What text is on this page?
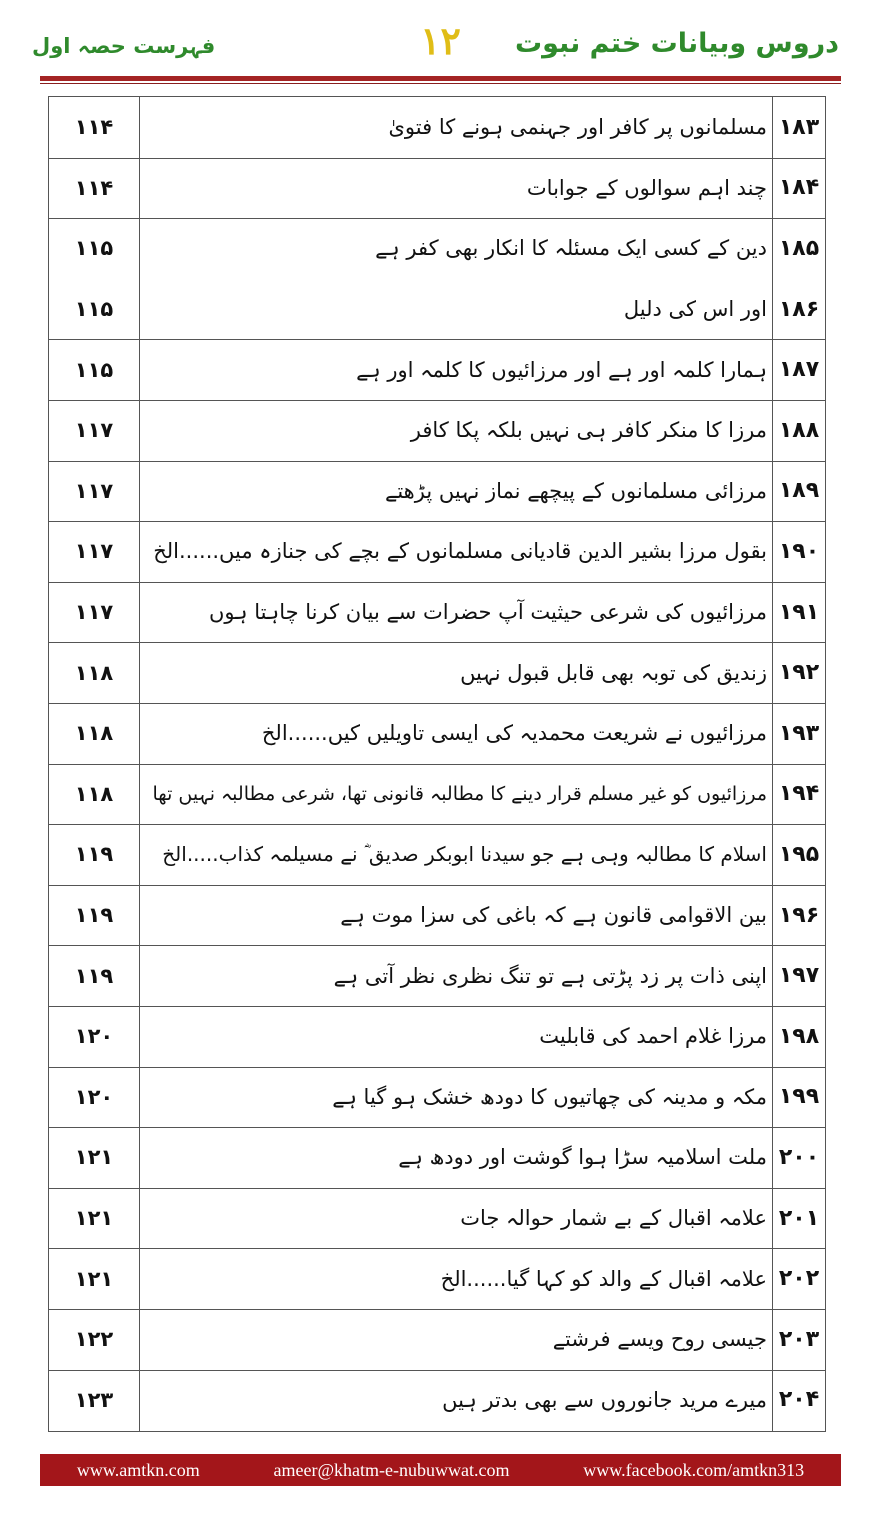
دروس وبیانات ختم نبوت
۱۲
فہرست حصہ اول
۱۸۳
مسلمانوں پر کافر اور جہنمی ہونے کا فتویٰ
۱۱۴
۱۸۴
چند اہم سوالوں کے جوابات
۱۱۴
۱۸۵
دین کے کسی ایک مسئلہ کا انکار بھی کفر ہے
۱۱۵
۱۸۶
اور اس کی دلیل
۱۱۵
۱۸۷
ہمارا کلمہ اور ہے اور مرزائیوں کا کلمہ اور ہے
۱۱۵
۱۸۸
مرزا کا منکر کافر ہی نہیں بلکہ پکا کافر
۱۱۷
۱۸۹
مرزائی مسلمانوں کے پیچھے نماز نہیں پڑھتے
۱۱۷
۱۹۰
بقول مرزا بشیر الدین قادیانی مسلمانوں کے بچے کی جنازہ میں......الخ
۱۱۷
۱۹۱
مرزائیوں کی شرعی حیثیت آپ حضرات سے بیان کرنا چاہتا ہوں
۱۱۷
۱۹۲
زندیق کی توبہ بھی قابل قبول نہیں
۱۱۸
۱۹۳
مرزائیوں نے شریعت محمدیہ کی ایسی تاویلیں کیں......الخ
۱۱۸
۱۹۴
مرزائیوں کو غیر مسلم قرار دینے کا مطالبہ قانونی تھا، شرعی مطالبہ نہیں تھا
۱۱۸
۱۹۵
اسلام کا مطالبہ وہی ہے جو سیدنا ابوبکر صدیق ؓ نے مسیلمہ کذاب.....الخ
۱۱۹
۱۹۶
بین الاقوامی قانون ہے کہ باغی کی سزا موت ہے
۱۱۹
۱۹۷
اپنی ذات پر زد پڑتی ہے تو تنگ نظری نظر آتی ہے
۱۱۹
۱۹۸
مرزا غلام احمد کی قابلیت
۱۲۰
۱۹۹
مکہ و مدینہ کی چھاتیوں کا دودھ خشک ہو گیا ہے
۱۲۰
۲۰۰
ملت اسلامیہ سڑا ہوا گوشت اور دودھ ہے
۱۲۱
۲۰۱
علامہ اقبال کے بے شمار حوالہ جات
۱۲۱
۲۰۲
علامہ اقبال کے والد کو کہا گیا......الخ
۱۲۱
۲۰۳
جیسی روح ویسے فرشتے
۱۲۲
۲۰۴
میرے مرید جانوروں سے بھی بدتر ہیں
۱۲۳
www.amtkn.com	ameer@khatm-e-nubuwwat.com	www.facebook.com/amtkn313
